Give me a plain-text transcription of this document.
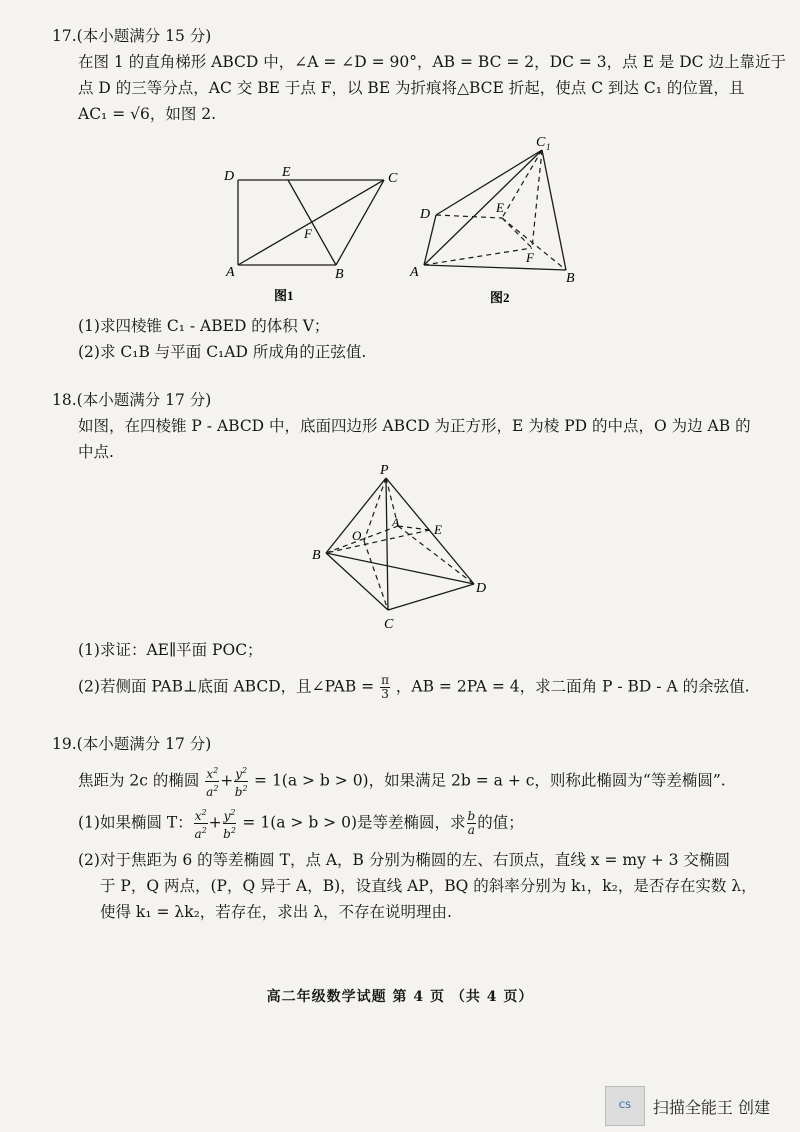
17.(本小题满分 15 分)
在图 1 的直角梯形 ABCD 中，∠A = ∠D = 90°，AB = BC = 2，DC = 3，点 E 是 DC 边上靠近于
点 D 的三等分点，AC 交 BE 于点 F，以 BE 为折痕将△BCE 折起，使点 C 到达 C₁ 的位置，且
AC₁ = √6，如图 2.
D	E	C
F
A	B
图1
C 1
D	E
F
A	B
图2
(1)求四棱锥 C₁ - ABED 的体积 V；
(2)求 C₁B 与平面 C₁AD 所成角的正弦值.
18.(本小题满分 17 分)
如图，在四棱锥 P - ABCD 中，底面四边形 ABCD 为正方形，E 为棱 PD 的中点，O 为边 AB 的
中点.
P
A
O	E
B
D
C
(1)求证：AE∥平面 POC；
(2)若侧面 PAB⊥底面 ABCD，且∠PAB = $\frac{\pi}{3}$ ，AB = 2PA = 4，求二面角 P - BD - A 的余弦值.
19.(本小题满分 17 分)
焦距为 2c 的椭圆 $\frac{x^2}{a^2} + \frac{y^2}{b^2} = 1(a > b > 0)$，如果满足 2b = a + c，则称此椭圆为“等差椭圆”.
(1)如果椭圆 T： $\frac{x^2}{a^2} + \frac{y^2}{b^2} = 1(a > b > 0)$是等差椭圆，求 $\frac{b}{a}$ 的值；
(2)对于焦距为 6 的等差椭圆 T，点 A，B 分别为椭圆的左、右顶点，直线 x = my + 3 交椭圆
于 P，Q 两点，(P，Q 异于 A，B)，设直线 AP，BQ 的斜率分别为 k₁，k₂，是否存在实数 λ，
使得 k₁ = λk₂，若存在，求出 λ，不存在说明理由.
高二年级数学试题 第 4 页 （共 4 页）
CS	扫描全能王 创建
